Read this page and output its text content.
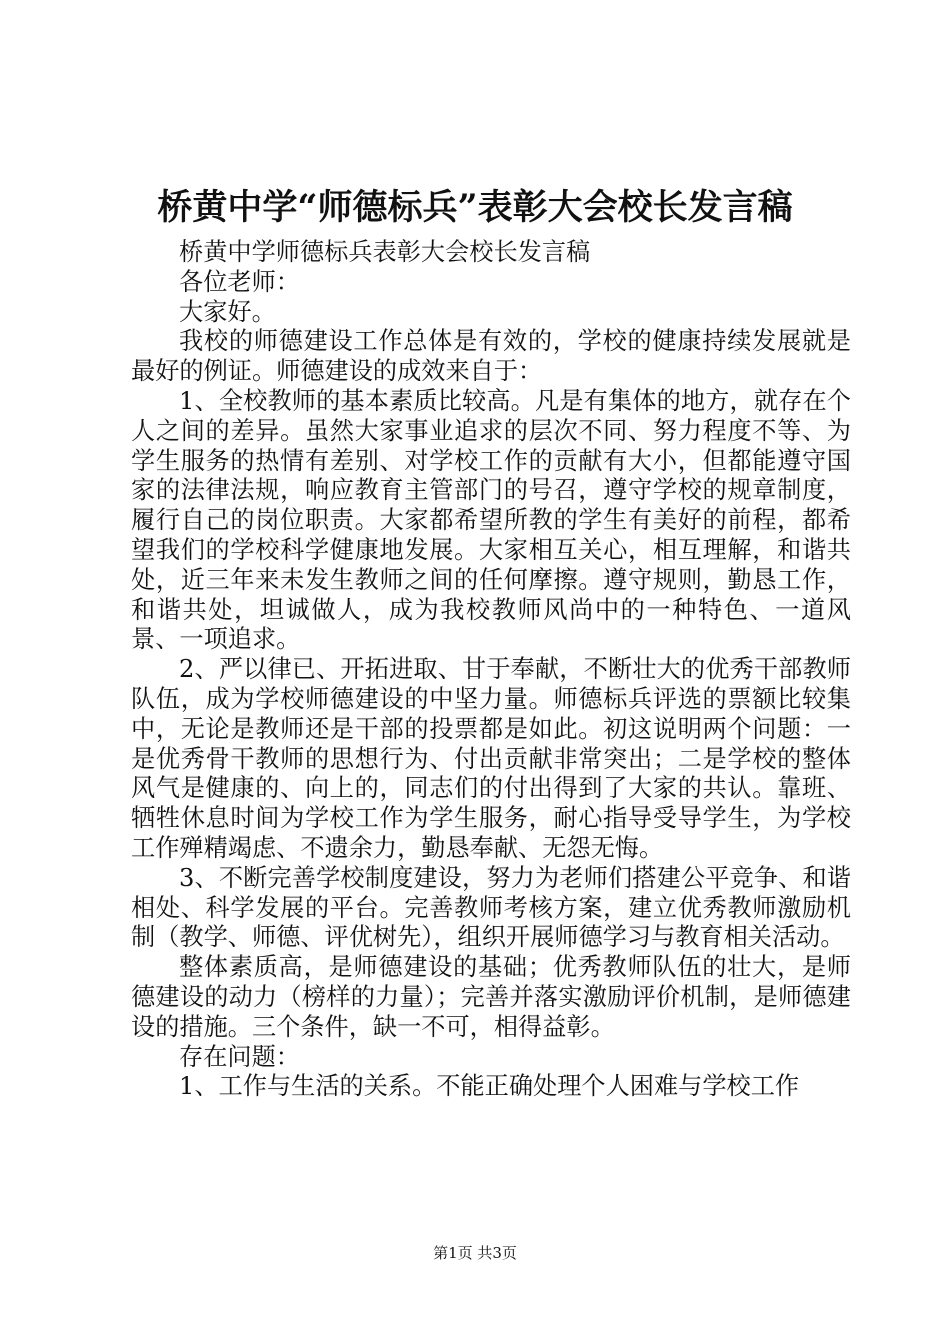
桥黄中学“师德标兵”表彰大会校长发言稿

桥黄中学师德标兵表彰大会校长发言稿

各位老师：

大家好。

我校的师德建设工作总体是有效的，学校的健康持续发展就是最好的例证。师德建设的成效来自于：

1、全校教师的基本素质比较高。凡是有集体的地方，就存在个人之间的差异。虽然大家事业追求的层次不同、努力程度不等、为学生服务的热情有差别、对学校工作的贡献有大小，但都能遵守国家的法律法规，响应教育主管部门的号召，遵守学校的规章制度，履行自己的岗位职责。大家都希望所教的学生有美好的前程，都希望我们的学校科学健康地发展。大家相互关心，相互理解，和谐共处，近三年来未发生教师之间的任何摩擦。遵守规则，勤恳工作，和谐共处，坦诚做人，成为我校教师风尚中的一种特色、一道风景、一项追求。

2、严以律已、开拓进取、甘于奉献，不断壮大的优秀干部教师队伍，成为学校师德建设的中坚力量。师德标兵评选的票额比较集中，无论是教师还是干部的投票都是如此。初这说明两个问题：一是优秀骨干教师的思想行为、付出贡献非常突出；二是学校的整体风气是健康的、向上的，同志们的付出得到了大家的共认。靠班、牺牲休息时间为学校工作为学生服务，耐心指导受导学生，为学校工作殚精竭虑、不遗余力，勤恳奉献、无怨无悔。

3、不断完善学校制度建设，努力为老师们搭建公平竞争、和谐相处、科学发展的平台。完善教师考核方案，建立优秀教师激励机制（教学、师德、评优树先），组织开展师德学习与教育相关活动。

整体素质高，是师德建设的基础；优秀教师队伍的壮大，是师德建设的动力（榜样的力量）；完善并落实激励评价机制，是师德建设的措施。三个条件，缺一不可，相得益彰。

存在问题：

1、工作与生活的关系。不能正确处理个人困难与学校工作

第1页 共3页
